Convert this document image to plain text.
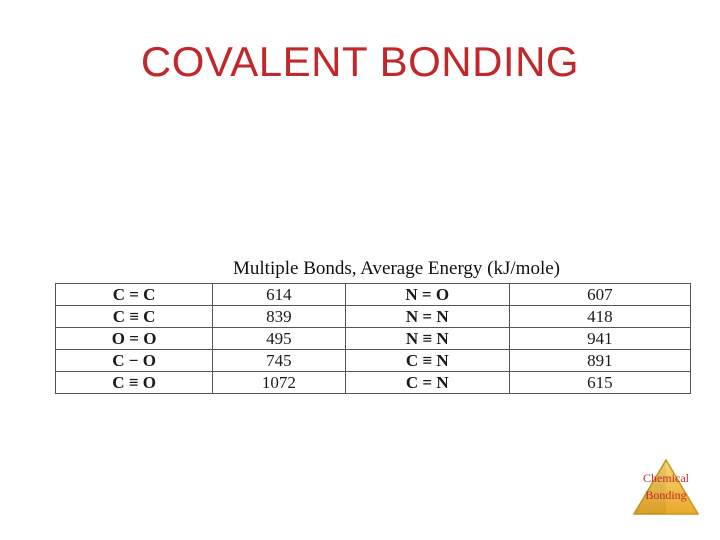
COVALENT BONDING
Multiple Bonds, Average Energy (kJ/mole)
C = C	614	N = O	607
C ≡ C	839	N = N	418
O = O	495	N ≡ N	941
C − O	745	C ≡ N	891
C ≡ O	1072	C = N	615
Chemical
Bonding
